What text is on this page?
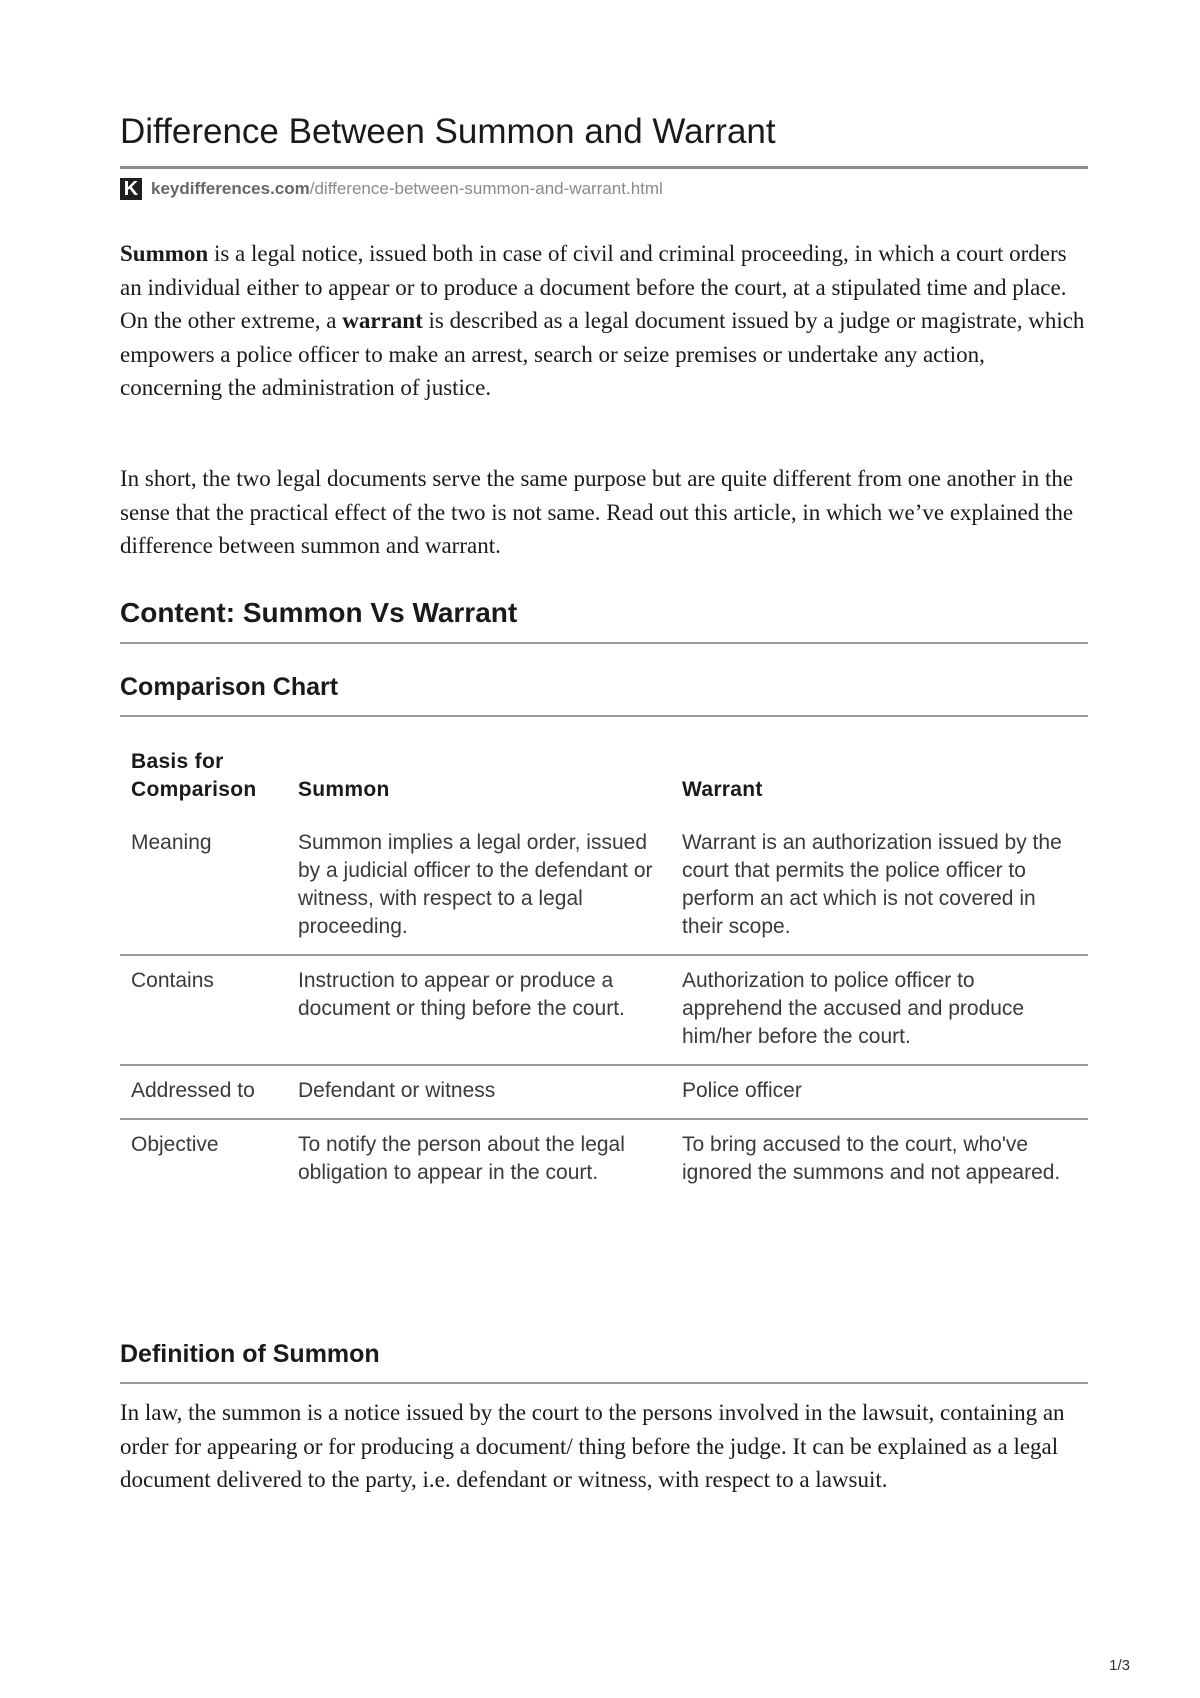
Difference Between Summon and Warrant
K keydifferences.com /difference-between-summon-and-warrant.html

Summon is a legal notice, issued both in case of civil and criminal proceeding, in which a court orders an individual either to appear or to produce a document before the court, at a stipulated time and place. On the other extreme, a warrant is described as a legal document issued by a judge or magistrate, which empowers a police officer to make an arrest, search or seize premises or undertake any action, concerning the administration of justice.

In short, the two legal documents serve the same purpose but are quite different from one another in the sense that the practical effect of the two is not same. Read out this article, in which we’ve explained the difference between summon and warrant.

Content: Summon Vs Warrant
Comparison Chart
Basis for Comparison	Summon	Warrant
Meaning	Summon implies a legal order, issued by a judicial officer to the defendant or witness, with respect to a legal proceeding.	Warrant is an authorization issued by the court that permits the police officer to perform an act which is not covered in their scope.
Contains	Instruction to appear or produce a document or thing before the court.	Authorization to police officer to apprehend the accused and produce him/her before the court.
Addressed to	Defendant or witness	Police officer
Objective	To notify the person about the legal obligation to appear in the court.	To bring accused to the court, who've ignored the summons and not appeared.
Definition of Summon

In law, the summon is a notice issued by the court to the persons involved in the lawsuit, containing an order for appearing or for producing a document/ thing before the judge. It can be explained as a legal document delivered to the party, i.e. defendant or witness, with respect to a lawsuit.

1/3
